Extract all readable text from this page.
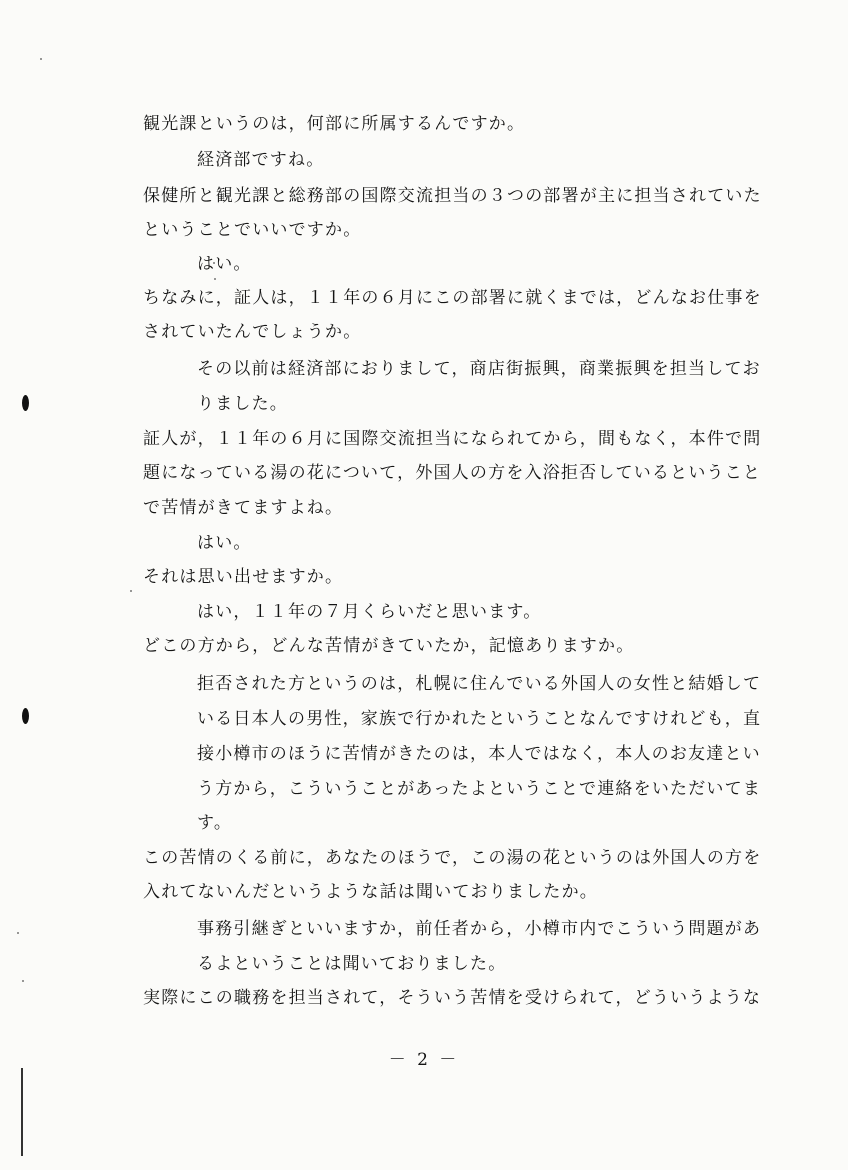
観光課というのは，何部に所属するんですか。
経済部ですね。
保健所と観光課と総務部の国際交流担当の３つの部署が主に担当されていた
ということでいいですか。
はい。
ちなみに，証人は，１１年の６月にこの部署に就くまでは，どんなお仕事を
されていたんでしょうか。
その以前は経済部におりまして，商店街振興，商業振興を担当してお
りました。
証人が，１１年の６月に国際交流担当になられてから，間もなく，本件で問
題になっている湯の花について，外国人の方を入浴拒否しているということ
で苦情がきてますよね。
はい。
それは思い出せますか。
はい，１１年の７月くらいだと思います。
どこの方から，どんな苦情がきていたか，記憶ありますか。
拒否された方というのは，札幌に住んでいる外国人の女性と結婚して
いる日本人の男性，家族で行かれたということなんですけれども，直
接小樽市のほうに苦情がきたのは，本人ではなく，本人のお友達とい
う方から，こういうことがあったよということで連絡をいただいてま
す。
この苦情のくる前に，あなたのほうで，この湯の花というのは外国人の方を
入れてないんだというような話は聞いておりましたか。
事務引継ぎといいますか，前任者から，小樽市内でこういう問題があ
るよということは聞いておりました。
実際にこの職務を担当されて，そういう苦情を受けられて，どういうような
－ 2 －
